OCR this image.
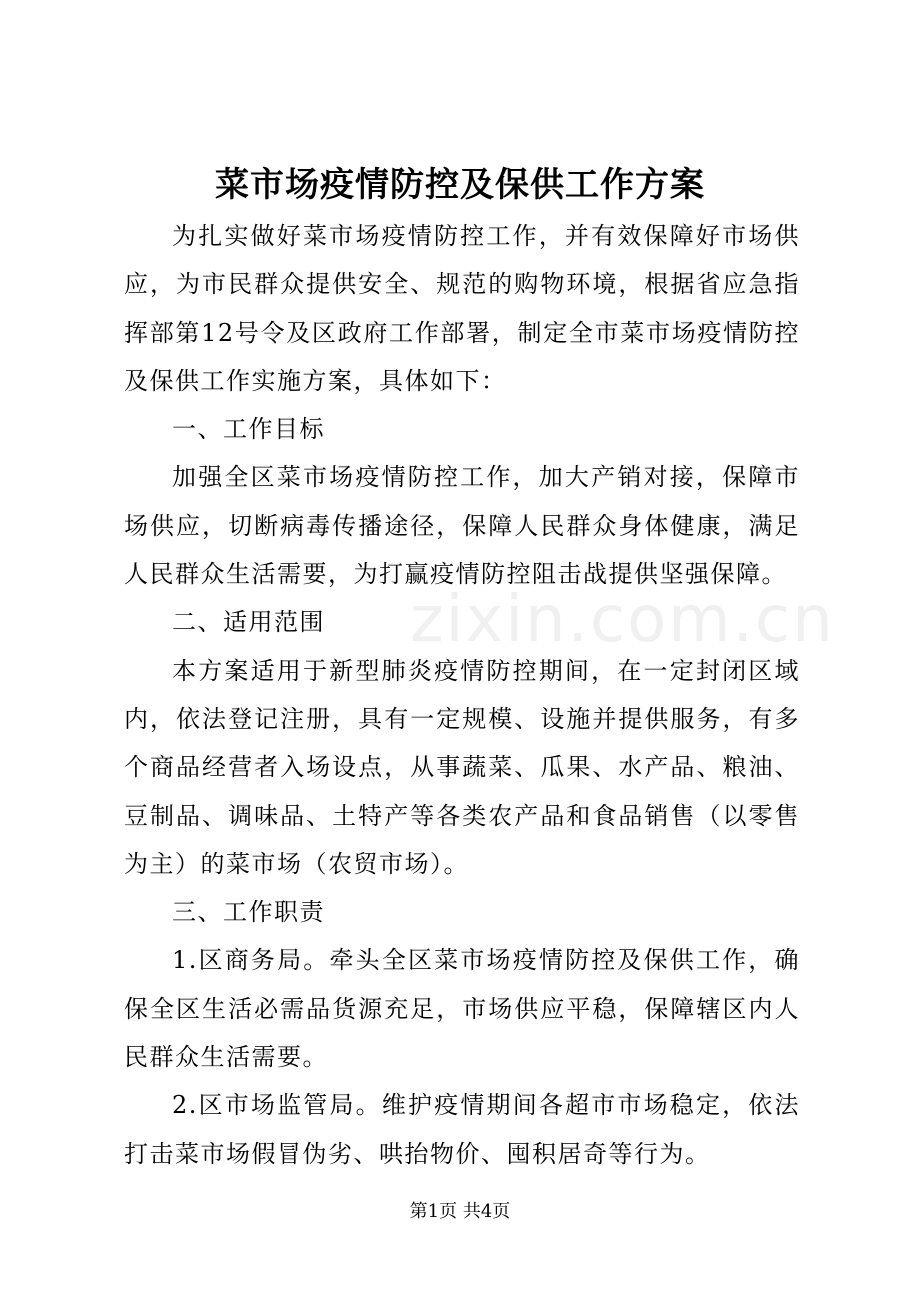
菜市场疫情防控及保供工作方案

为扎实做好菜市场疫情防控工作，并有效保障好市场供应，为市民群众提供安全、规范的购物环境，根据省应急指挥部第12号令及区政府工作部署，制定全市菜市场疫情防控及保供工作实施方案，具体如下：

一、工作目标

加强全区菜市场疫情防控工作，加大产销对接，保障市场供应，切断病毒传播途径，保障人民群众身体健康，满足人民群众生活需要，为打赢疫情防控阻击战提供坚强保障。

二、适用范围

本方案适用于新型肺炎疫情防控期间，在一定封闭区域内，依法登记注册，具有一定规模、设施并提供服务，有多个商品经营者入场设点，从事蔬菜、瓜果、水产品、粮油、豆制品、调味品、土特产等各类农产品和食品销售（以零售为主）的菜市场（农贸市场）。

三、工作职责

1.区商务局。牵头全区菜市场疫情防控及保供工作，确保全区生活必需品货源充足，市场供应平稳，保障辖区内人民群众生活需要。

2.区市场监管局。维护疫情期间各超市市场稳定，依法打击菜市场假冒伪劣、哄抬物价、囤积居奇等行为。

zixin.com.cn
第1页 共4页
